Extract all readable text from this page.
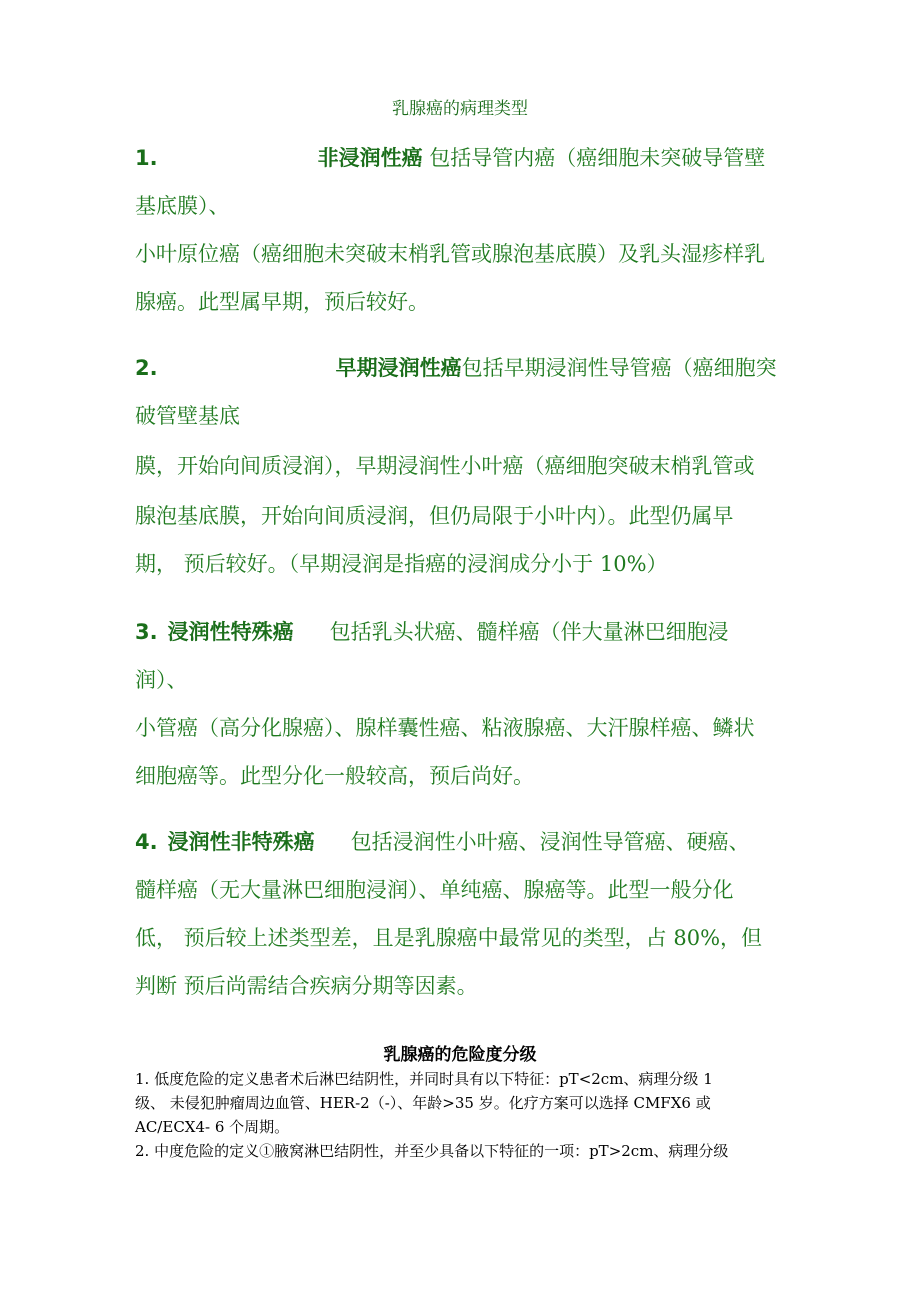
乳腺癌的病理类型
1.	非浸润性癌 包括导管内癌（癌细胞未突破导管壁
基底膜）、
小叶原位癌（癌细胞未突破末梢乳管或腺泡基底膜）及乳头湿疹样乳
腺癌。此型属早期，预后较好。
2.	早期浸润性癌包括早期浸润性导管癌（癌细胞突
破管壁基底
膜，开始向间质浸润），早期浸润性小叶癌（癌细胞突破末梢乳管或
腺泡基底膜，开始向间质浸润，但仍局限于小叶内）。此型仍属早
期， 预后较好。（早期浸润是指癌的浸润成分小于 10%）
3. 浸润性特殊癌 包括乳头状癌、髓样癌（伴大量淋巴细胞浸
润）、
小管癌（高分化腺癌）、腺样囊性癌、粘液腺癌、大汗腺样癌、鳞状
细胞癌等。此型分化一般较高，预后尚好。
4. 浸润性非特殊癌 包括浸润性小叶癌、浸润性导管癌、硬癌、
髓样癌（无大量淋巴细胞浸润）、单纯癌、腺癌等。此型一般分化
低， 预后较上述类型差，且是乳腺癌中最常见的类型，占 80%，但
判断 预后尚需结合疾病分期等因素。
乳腺癌的危险度分级
1. 低度危险的定义患者术后淋巴结阴性，并同时具有以下特征：pT<2cm、病理分级 1
级、 未侵犯肿瘤周边血管、HER-2（-）、年龄>35 岁。化疗方案可以选择 CMFX6 或
AC/ECX4- 6 个周期。
2. 中度危险的定义①腋窝淋巴结阴性，并至少具备以下特征的一项：pT>2cm、病理分级
